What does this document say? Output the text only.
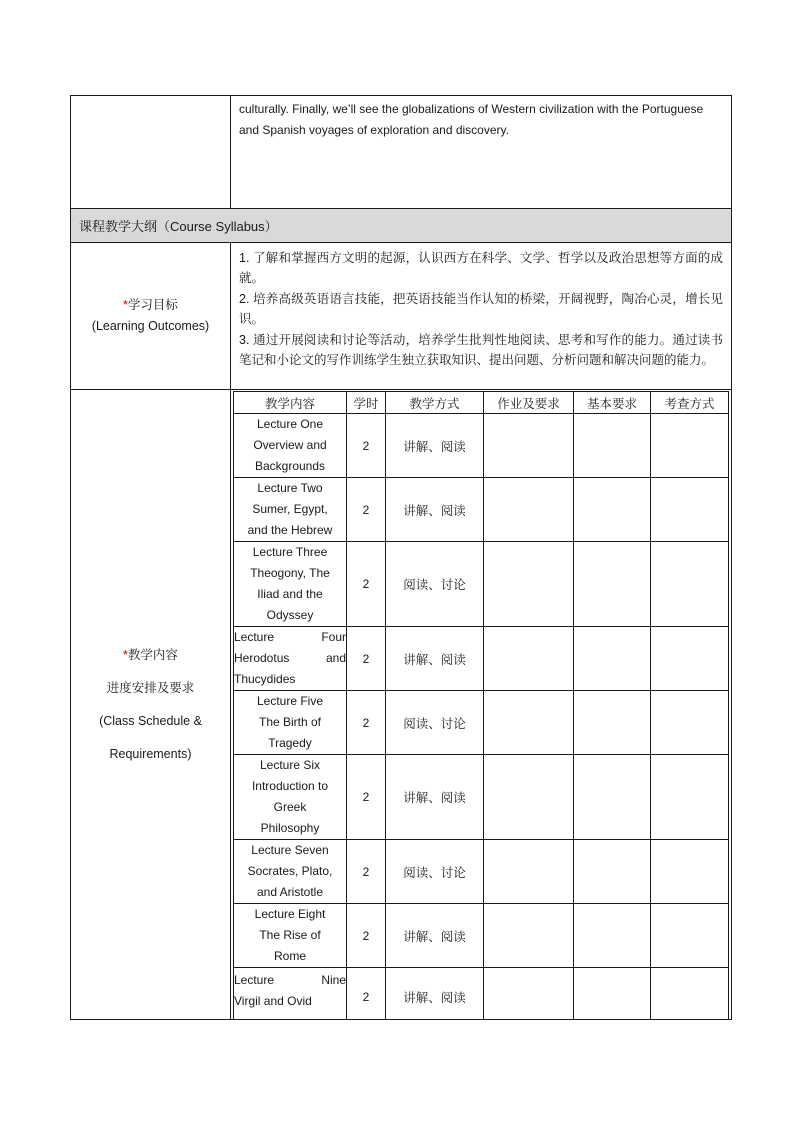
culturally. Finally, we’ll see the globalizations of Western civilization with the Portuguese and Spanish voyages of exploration and discovery.
课程教学大纲（Course Syllabus）
*学习目标
(Learning Outcomes)

1. 了解和掌握西方文明的起源，认识西方在科学、文学、哲学以及政治思想等方面的成就。

2. 培养高级英语语言技能，把英语技能当作认知的桥梁，开阔视野，陶冶心灵，增长见识。

3. 通过开展阅读和讨论等活动，培养学生批判性地阅读、思考和写作的能力。通过读书笔记和小论文的写作训练学生独立获取知识、提出问题、分析问题和解决问题的能力。

*教学内容
进度安排及要求
(Class Schedule &
Requirements)
教学内容	学时	教学方式	作业及要求	基本要求	考查方式

Lecture One
Overview and
Backgrounds	2	讲解、阅读			

Lecture Two
Sumer, Egypt,
and the Hebrew	2	讲解、阅读			

Lecture Three
Theogony, The
Iliad and the
Odyssey	2	阅读、讨论			

Lecture Four
Herodotus and
Thucydides	2	讲解、阅读			

Lecture Five
The Birth of
Tragedy	2	阅读、讨论			

Lecture Six
Introduction to
Greek
Philosophy	2	讲解、阅读			

Lecture Seven
Socrates, Plato,
and Aristotle	2	阅读、讨论			

Lecture Eight
The Rise of
Rome	2	讲解、阅读			

Lecture Nine
Virgil and Ovid	2	讲解、阅读			
